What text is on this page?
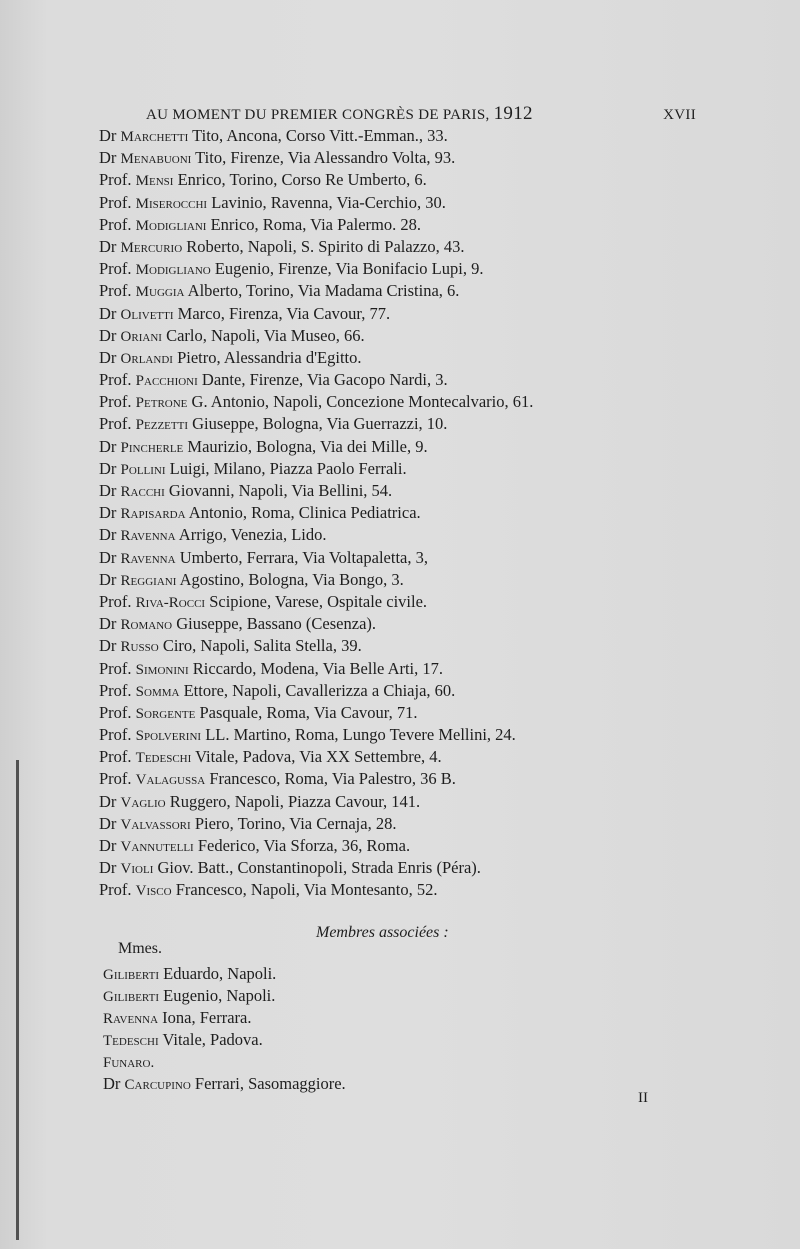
AU MOMENT DU PREMIER CONGRÈS DE PARIS, 1912	XVII
Dr Marchetti Tito, Ancona, Corso Vitt.-Emman., 33.
Dr Menabuoni Tito, Firenze, Via Alessandro Volta, 93.
Prof. Mensi Enrico, Torino, Corso Re Umberto, 6.
Prof. Miserocchi Lavinio, Ravenna, Via-Cerchio, 30.
Prof. Modigliani Enrico, Roma, Via Palermo. 28.
Dr Mercurio Roberto, Napoli, S. Spirito di Palazzo, 43.
Prof. Modigliano Eugenio, Firenze, Via Bonifacio Lupi, 9.
Prof. Muggia Alberto, Torino, Via Madama Cristina, 6.
Dr Olivetti Marco, Firenza, Via Cavour, 77.
Dr Oriani Carlo, Napoli, Via Museo, 66.
Dr Orlandi Pietro, Alessandria d'Egitto.
Prof. Pacchioni Dante, Firenze, Via Gacopo Nardi, 3.
Prof. Petrone G. Antonio, Napoli, Concezione Montecalvario, 61.
Prof. Pezzetti Giuseppe, Bologna, Via Guerrazzi, 10.
Dr Pincherle Maurizio, Bologna, Via dei Mille, 9.
Dr Pollini Luigi, Milano, Piazza Paolo Ferrali.
Dr Racchi Giovanni, Napoli, Via Bellini, 54.
Dr Rapisarda Antonio, Roma, Clinica Pediatrica.
Dr Ravenna Arrigo, Venezia, Lido.
Dr Ravenna Umberto, Ferrara, Via Voltapaletta, 3,
Dr Reggiani Agostino, Bologna, Via Bongo, 3.
Prof. Riva-Rocci Scipione, Varese, Ospitale civile.
Dr Romano Giuseppe, Bassano (Cesenza).
Dr Russo Ciro, Napoli, Salita Stella, 39.
Prof. Simonini Riccardo, Modena, Via Belle Arti, 17.
Prof. Somma Ettore, Napoli, Cavallerizza a Chiaja, 60.
Prof. Sorgente Pasquale, Roma, Via Cavour, 71.
Prof. Spolverini LL. Martino, Roma, Lungo Tevere Mellini, 24.
Prof. Tedeschi Vitale, Padova, Via XX Settembre, 4.
Prof. Valagussa Francesco, Roma, Via Palestro, 36 B.
Dr Vaglio Ruggero, Napoli, Piazza Cavour, 141.
Dr Valvassori Piero, Torino, Via Cernaja, 28.
Dr Vannutelli Federico, Via Sforza, 36, Roma.
Dr Violi Giov. Batt., Constantinopoli, Strada Enris (Péra).
Prof. Visco Francesco, Napoli, Via Montesanto, 52.
Membres associées :
Mmes.
Giliberti Eduardo, Napoli.
Giliberti Eugenio, Napoli.
Ravenna Iona, Ferrara.
Tedeschi Vitale, Padova.
Funaro.
Dr Carcupino Ferrari, Sasomaggiore.
II
